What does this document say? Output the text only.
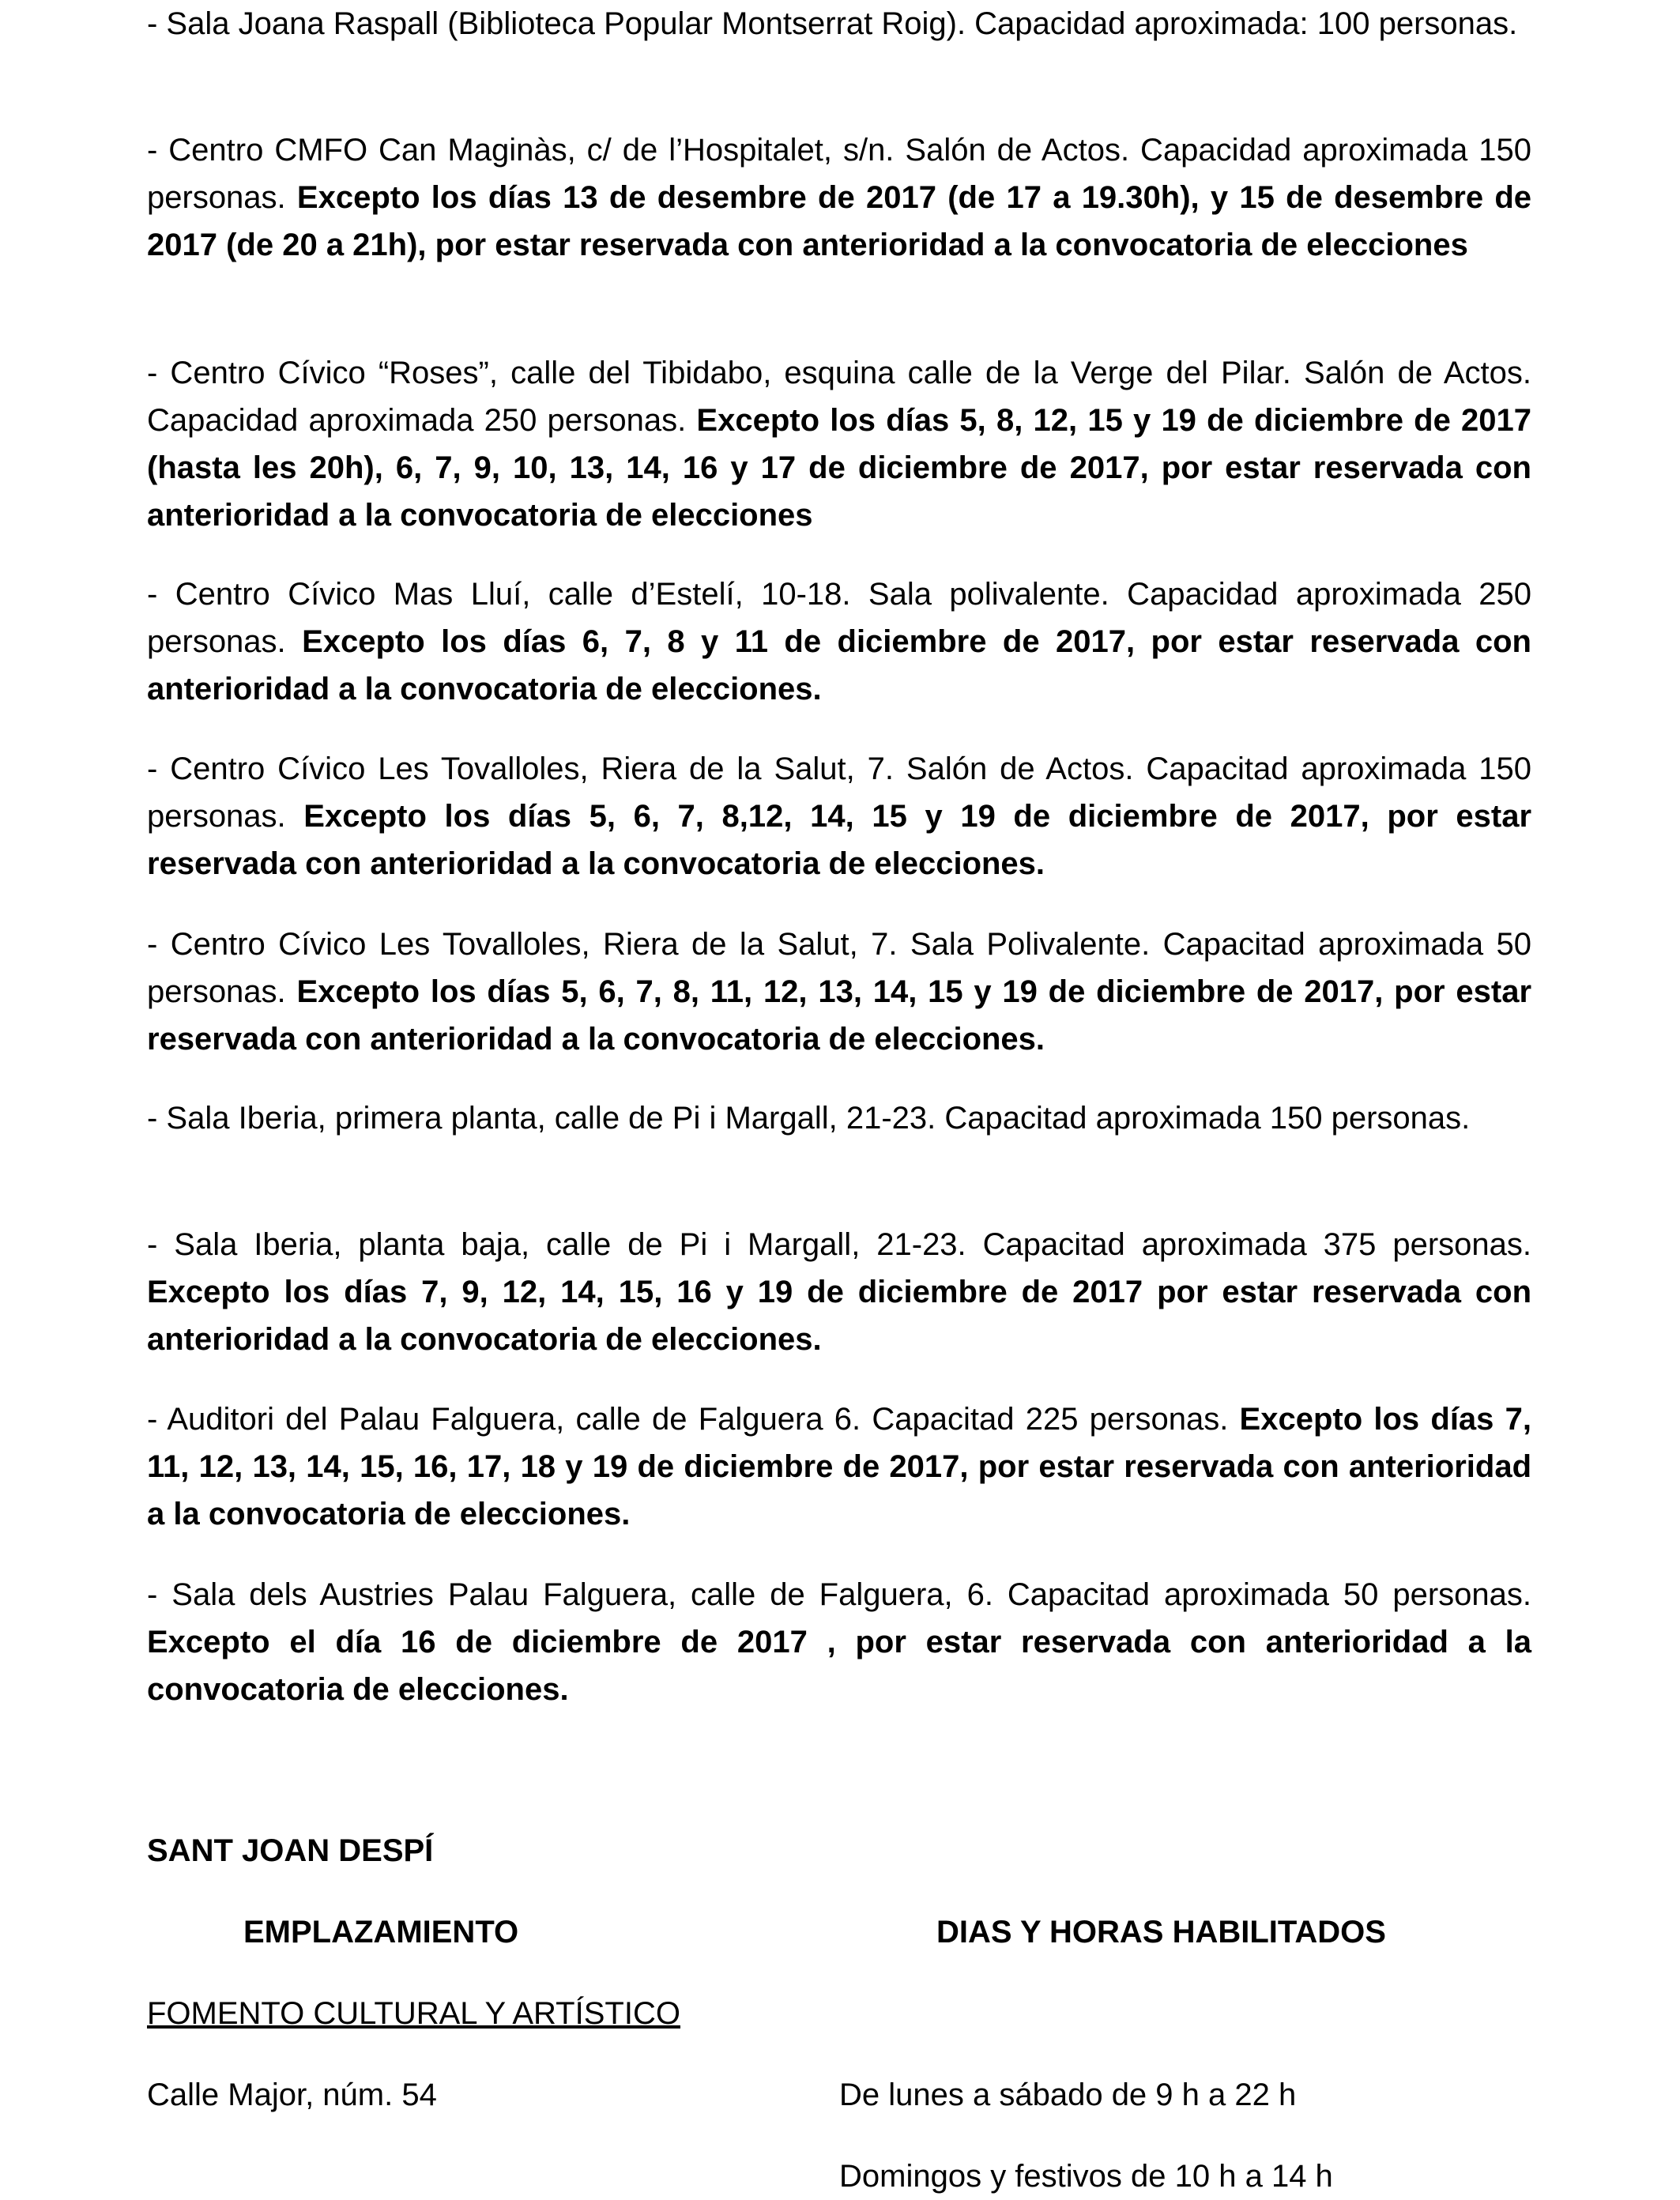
- Sala Joana Raspall (Biblioteca Popular Montserrat Roig). Capacidad aproximada: 100 personas.

- Centro CMFO Can Maginàs, c/ de l’Hospitalet, s/n. Salón de Actos. Capacidad aproximada 150 personas. Excepto los días 13 de desembre de 2017 (de 17 a 19.30h), y 15 de desembre de 2017 (de 20 a 21h), por estar reservada con anterioridad a la convocatoria de elecciones

- Centro Cívico “Roses”, calle del Tibidabo, esquina calle de la Verge del Pilar. Salón de Actos. Capacidad aproximada 250 personas. Excepto los días 5, 8, 12, 15 y 19 de diciembre de 2017 (hasta les 20h), 6, 7, 9, 10, 13, 14, 16 y 17 de diciembre de 2017, por estar reservada con anterioridad a la convocatoria de elecciones

- Centro Cívico Mas Lluí, calle d’Estelí, 10-18. Sala polivalente. Capacidad aproximada 250 personas. Excepto los días 6, 7, 8 y 11 de diciembre de 2017, por estar reservada con anterioridad a la convocatoria de elecciones.

- Centro Cívico Les Tovalloles, Riera de la Salut, 7. Salón de Actos. Capacitad aproximada 150 personas. Excepto los días 5, 6, 7, 8,12, 14, 15 y 19 de diciembre de 2017, por estar reservada con anterioridad a la convocatoria de elecciones.

- Centro Cívico Les Tovalloles, Riera de la Salut, 7. Sala Polivalente. Capacitad aproximada 50 personas. Excepto los días 5, 6, 7, 8, 11, 12, 13, 14, 15 y 19 de diciembre de 2017, por estar reservada con anterioridad a la convocatoria de elecciones.

- Sala Iberia, primera planta, calle de Pi i Margall, 21-23. Capacitad aproximada 150 personas.

- Sala Iberia, planta baja, calle de Pi i Margall, 21-23. Capacitad aproximada 375 personas. Excepto los días 7, 9, 12, 14, 15, 16 y 19 de diciembre de 2017 por estar reservada con anterioridad a la convocatoria de elecciones.

- Auditori del Palau Falguera, calle de Falguera 6. Capacitad 225 personas. Excepto los días 7, 11, 12, 13, 14, 15, 16, 17, 18 y 19 de diciembre de 2017, por estar reservada con anterioridad a la convocatoria de elecciones.

- Sala dels Austries Palau Falguera, calle de Falguera, 6. Capacitad aproximada 50 personas. Excepto el día 16 de diciembre de 2017 , por estar reservada con anterioridad a la convocatoria de elecciones.

SANT JOAN DESPÍ

EMPLAZAMIENTO	DIAS Y HORAS HABILITADOS

FOMENTO CULTURAL Y ARTÍSTICO

Calle Major, núm. 54	De lunes a sábado de 9 h a 22 h

Domingos y festivos de 10 h a 14 h
